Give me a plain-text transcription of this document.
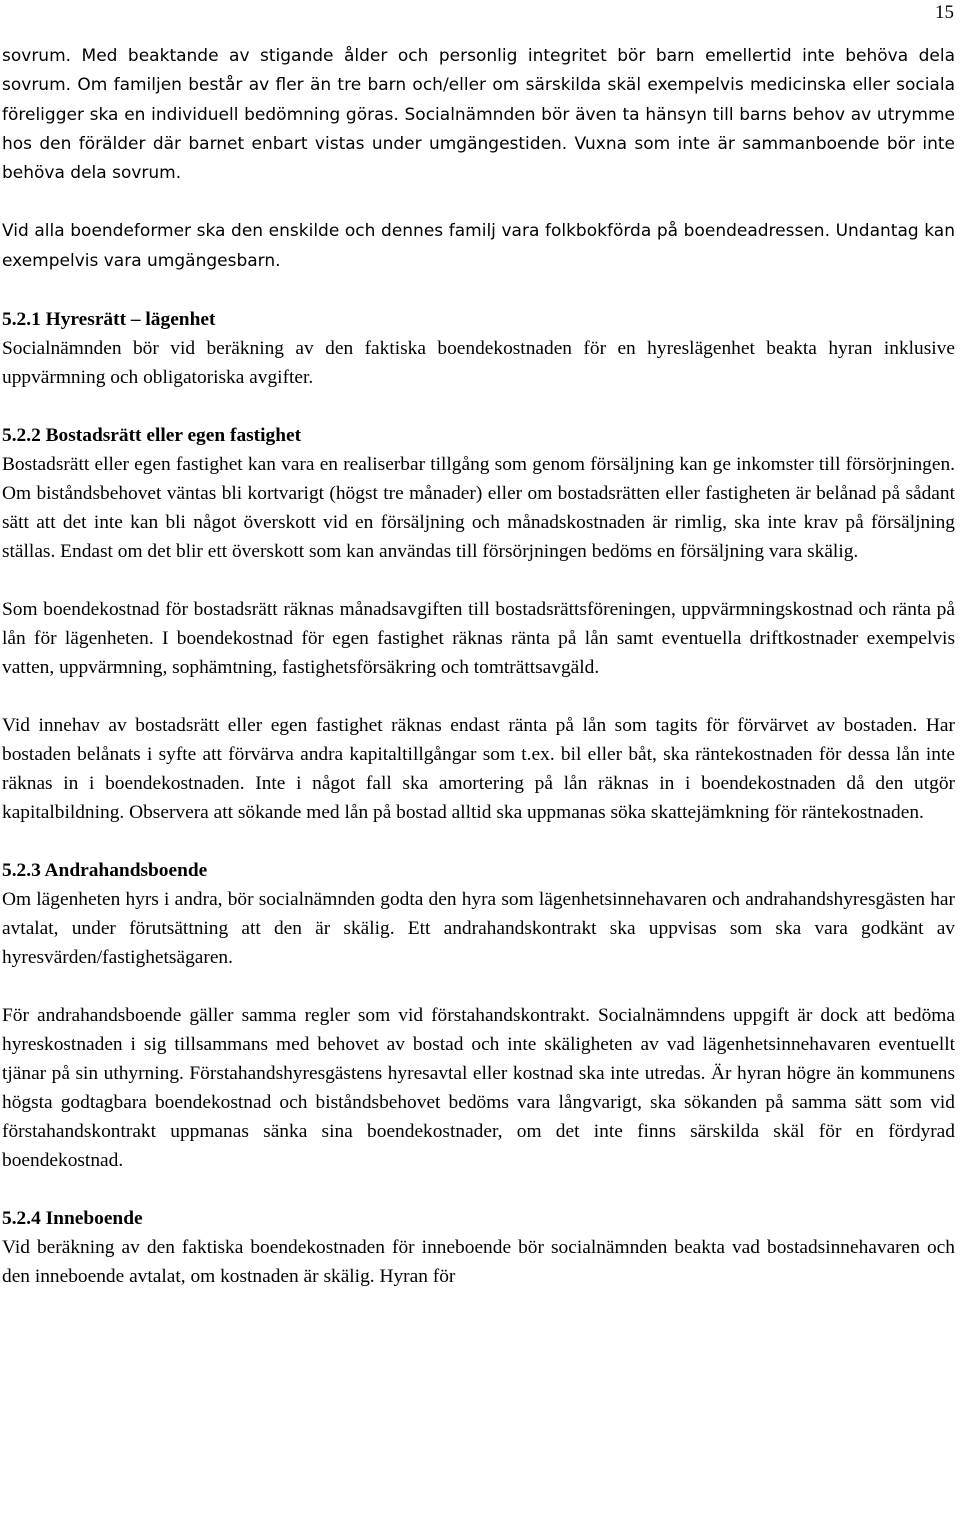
15

sovrum. Med beaktande av stigande ålder och personlig integritet bör barn emellertid inte behöva dela sovrum. Om familjen består av fler än tre barn och/eller om särskilda skäl exempelvis medicinska eller sociala föreligger ska en individuell bedömning göras. Socialnämnden bör även ta hänsyn till barns behov av utrymme hos den förälder där barnet enbart vistas under umgängestiden. Vuxna som inte är sammanboende bör inte behöva dela sovrum.

Vid alla boendeformer ska den enskilde och dennes familj vara folkbokförda på boendeadressen. Undantag kan exempelvis vara umgängesbarn.

5.2.1 Hyresrätt – lägenhet

Socialnämnden bör vid beräkning av den faktiska boendekostnaden för en hyreslägenhet beakta hyran inklusive uppvärmning och obligatoriska avgifter.

5.2.2 Bostadsrätt eller egen fastighet

Bostadsrätt eller egen fastighet kan vara en realiserbar tillgång som genom försäljning kan ge inkomster till försörjningen. Om biståndsbehovet väntas bli kortvarigt (högst tre månader) eller om bostadsrätten eller fastigheten är belånad på sådant sätt att det inte kan bli något överskott vid en försäljning och månadskostnaden är rimlig, ska inte krav på försäljning ställas. Endast om det blir ett överskott som kan användas till försörjningen bedöms en försäljning vara skälig.

Som boendekostnad för bostadsrätt räknas månadsavgiften till bostadsrättsföreningen, uppvärmningskostnad och ränta på lån för lägenheten. I boendekostnad för egen fastighet räknas ränta på lån samt eventuella driftkostnader exempelvis vatten, uppvärmning, sophämtning, fastighetsförsäkring och tomträttsavgäld.

Vid innehav av bostadsrätt eller egen fastighet räknas endast ränta på lån som tagits för förvärvet av bostaden. Har bostaden belånats i syfte att förvärva andra kapitaltillgångar som t.ex. bil eller båt, ska räntekostnaden för dessa lån inte räknas in i boendekostnaden. Inte i något fall ska amortering på lån räknas in i boendekostnaden då den utgör kapitalbildning. Observera att sökande med lån på bostad alltid ska uppmanas söka skattejämkning för räntekostnaden.

5.2.3 Andrahandsboende

Om lägenheten hyrs i andra, bör socialnämnden godta den hyra som lägenhetsinnehavaren och andrahandshyresgästen har avtalat, under förutsättning att den är skälig. Ett andrahandskontrakt ska uppvisas som ska vara godkänt av hyresvärden/fastighetsägaren.

För andrahandsboende gäller samma regler som vid förstahandskontrakt. Socialnämndens uppgift är dock att bedöma hyreskostnaden i sig tillsammans med behovet av bostad och inte skäligheten av vad lägenhetsinnehavaren eventuellt tjänar på sin uthyrning. Förstahandshyresgästens hyresavtal eller kostnad ska inte utredas. Är hyran högre än kommunens högsta godtagbara boendekostnad och biståndsbehovet bedöms vara långvarigt, ska sökanden på samma sätt som vid förstahandskontrakt uppmanas sänka sina boendekostnader, om det inte finns särskilda skäl för en fördyrad boendekostnad.

5.2.4 Inneboende

Vid beräkning av den faktiska boendekostnaden för inneboende bör socialnämnden beakta vad bostadsinnehavaren och den inneboende avtalat, om kostnaden är skälig. Hyran för
